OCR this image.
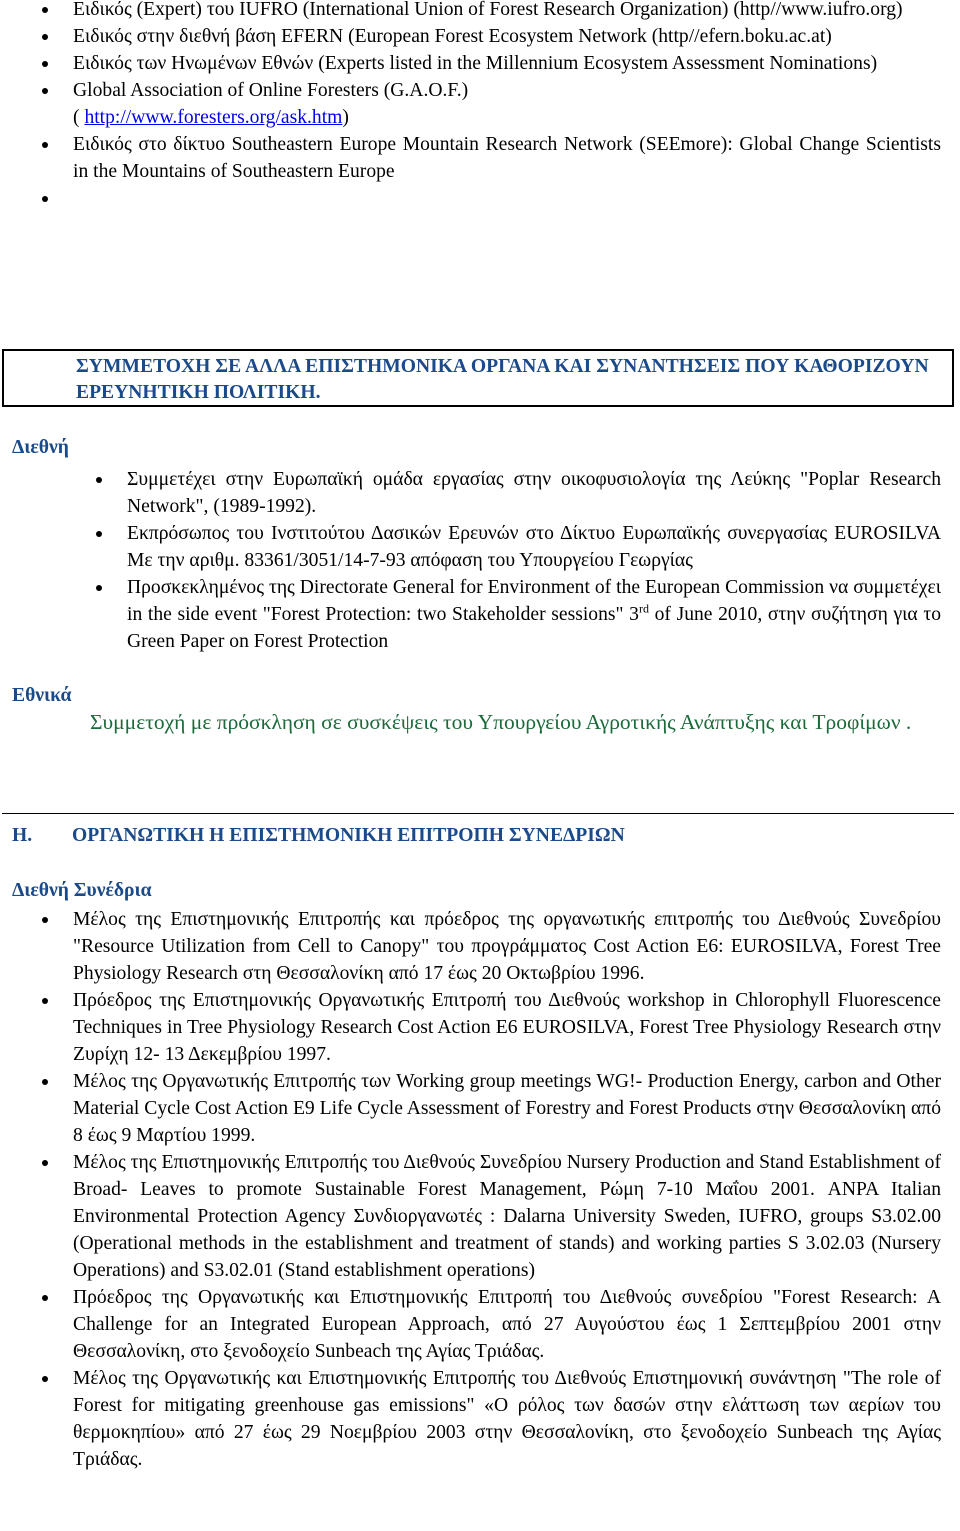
Ειδικός (Expert) του IUFRO (International Union of Forest Research Organization) (http//www.iufro.org)
Ειδικός στην διεθνή βάση EFERN (European Forest Ecosystem Network (http//efern.boku.ac.at)
Ειδικός των Ηνωμένων Εθνών (Experts listed in the Millennium Ecosystem Assessment Nominations)
Global Association of Online Foresters (G.A.O.F.)
( http://www.foresters.org/ask.htm)
Ειδικός στο δίκτυο Southeastern Europe Mountain Research Network (SEEmore): Global Change Scientists in the Mountains of Southeastern Europe

ΣΥΜΜΕΤΟΧΗ ΣΕ ΑΛΛΑ ΕΠΙΣΤΗΜΟΝΙΚΑ ΟΡΓΑΝΑ ΚΑΙ ΣΥΝΑΝΤΗΣΕΙΣ ΠΟΥ ΚΑΘΟΡΙΖΟΥΝ ΕΡΕΥΝΗΤΙΚΗ ΠΟΛΙΤΙΚΗ.
Διεθνή
Συμμετέχει στην Ευρωπαϊκή ομάδα εργασίας στην οικοφυσιολογία της Λεύκης "Poplar Research Network", (1989-1992).
Εκπρόσωπος του Ινστιτούτου Δασικών Ερευνών στο Δίκτυο Ευρωπαϊκής συνεργασίας EUROSILVA Με την αριθμ. 83361/3051/14-7-93 απόφαση του Υπουργείου Γεωργίας
Προσκεκλημένος της Directorate General for Environment of the European Commission να συμμετέχει in the side event "Forest Protection: two Stakeholder sessions" 3rd of June 2010, στην συζήτηση για το Green Paper on Forest Protection
Εθνικά
Συμμετοχή με πρόσκληση σε συσκέψεις του Υπουργείου Αγροτικής Ανάπτυξης και Τροφίμων .
Η. ΟΡΓΑΝΩΤΙΚΗ Η ΕΠΙΣΤΗΜΟΝΙΚΗ ΕΠΙΤΡΟΠΗ ΣΥΝΕΔΡΙΩΝ
Διεθνή Συνέδρια
Μέλος της Επιστημονικής Επιτροπής και πρόεδρος της οργανωτικής επιτροπής του Διεθνούς Συνεδρίου "Resource Utilization from Cell to Canopy" του προγράμματος Cost Action E6: EUROSILVA, Forest Tree Physiology Research στη Θεσσαλονίκη από 17 έως 20 Οκτωβρίου 1996.
Πρόεδρος της Επιστημονικής Οργανωτικής Επιτροπή του Διεθνούς workshop in Chlorophyll Fluorescence Techniques in Tree Physiology Research Cost Action E6 EUROSILVA, Forest Tree Physiology Research στην Ζυρίχη 12- 13 Δεκεμβρίου 1997.
Μέλος της Οργανωτικής Επιτροπής των Working group meetings WG!- Production Energy, carbon and Other Material Cycle Cost Action E9 Life Cycle Assessment of Forestry and Forest Products στην Θεσσαλονίκη από 8 έως 9 Μαρτίου 1999.
Μέλος της Επιστημονικής Επιτροπής του Διεθνούς Συνεδρίου Nursery Production and Stand Establishment of Broad- Leaves to promote Sustainable Forest Management, Ρώμη 7-10 Μαΐου 2001. ANPA Italian Environmental Protection Agency Συνδιοργανωτές : Dalarna University Sweden, IUFRO, groups S3.02.00 (Operational methods in the establishment and treatment of stands) and working parties S 3.02.03 (Nursery Operations) and S3.02.01 (Stand establishment operations)
Πρόεδρος της Οργανωτικής και Επιστημονικής Επιτροπή του Διεθνούς συνεδρίου "Forest Research: A Challenge for an Integrated European Approach, από 27 Αυγούστου έως 1 Σεπτεμβρίου 2001 στην Θεσσαλονίκη, στο ξενοδοχείο Sunbeach της Αγίας Τριάδας.
Μέλος της Οργανωτικής και Επιστημονικής Επιτροπής του Διεθνούς Επιστημονική συνάντηση "The role of Forest for mitigating greenhouse gas emissions" «Ο ρόλος των δασών στην ελάττωση των αερίων του θερμοκηπίου» από 27 έως 29 Νοεμβρίου 2003 στην Θεσσαλονίκη, στο ξενοδοχείο Sunbeach της Αγίας Τριάδας.
